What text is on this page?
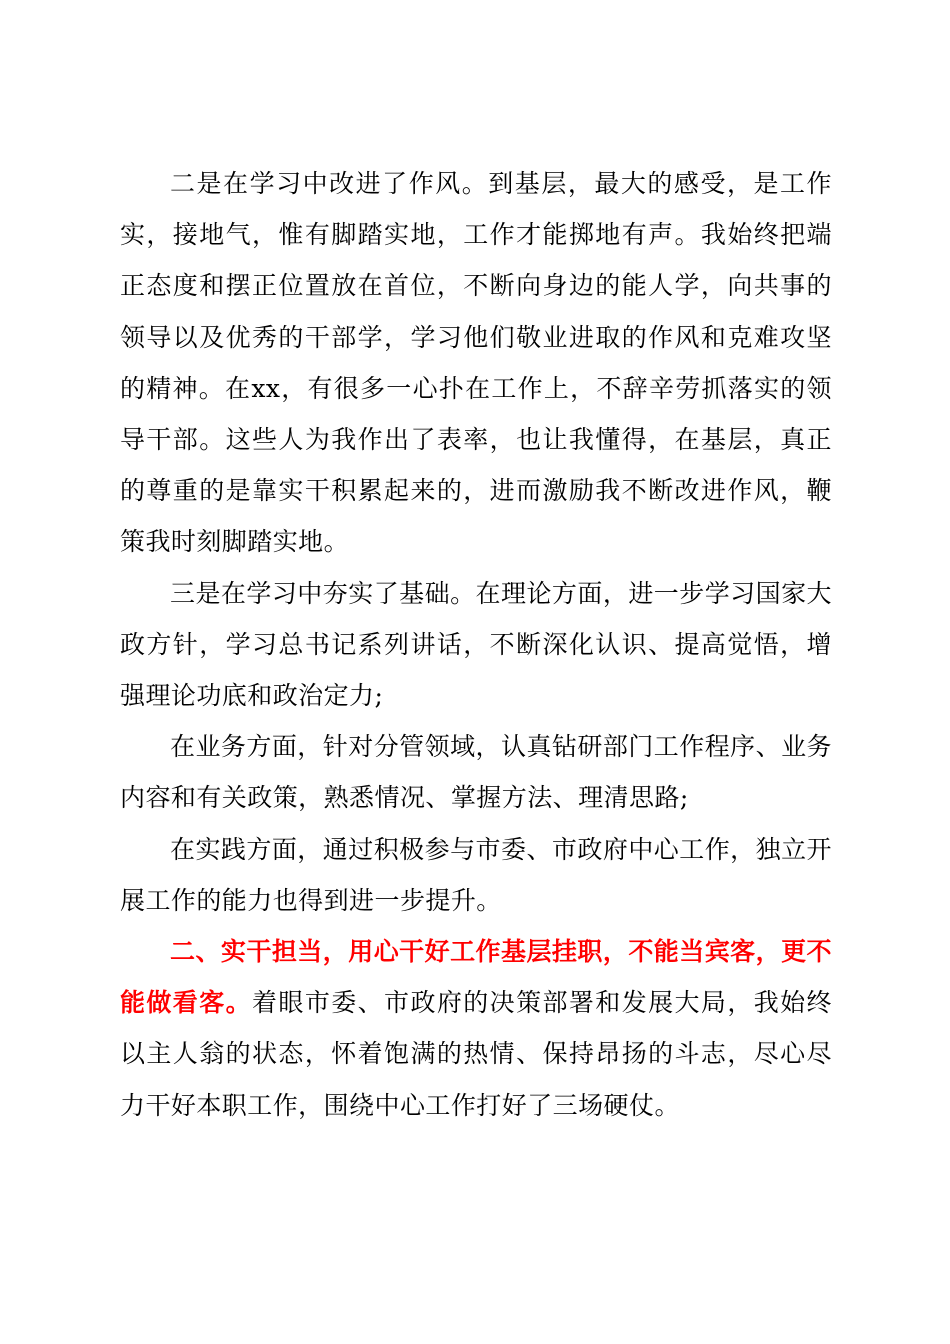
二是在学习中改进了作风。到基层，最大的感受，是工作实，接地气，惟有脚踏实地，工作才能掷地有声。我始终把端正态度和摆正位置放在首位，不断向身边的能人学，向共事的领导以及优秀的干部学，学习他们敬业进取的作风和克难攻坚的精神。在xx，有很多一心扑在工作上，不辞辛劳抓落实的领导干部。这些人为我作出了表率，也让我懂得，在基层，真正的尊重的是靠实干积累起来的，进而激励我不断改进作风，鞭策我时刻脚踏实地。

三是在学习中夯实了基础。在理论方面，进一步学习国家大政方针，学习总书记系列讲话，不断深化认识、提高觉悟，增强理论功底和政治定力;

在业务方面，针对分管领域，认真钻研部门工作程序、业务内容和有关政策，熟悉情况、掌握方法、理清思路;

在实践方面，通过积极参与市委、市政府中心工作，独立开展工作的能力也得到进一步提升。

二、实干担当，用心干好工作基层挂职，不能当宾客，更不能做看客。着眼市委、市政府的决策部署和发展大局，我始终以主人翁的状态，怀着饱满的热情、保持昂扬的斗志，尽心尽力干好本职工作，围绕中心工作打好了三场硬仗。
